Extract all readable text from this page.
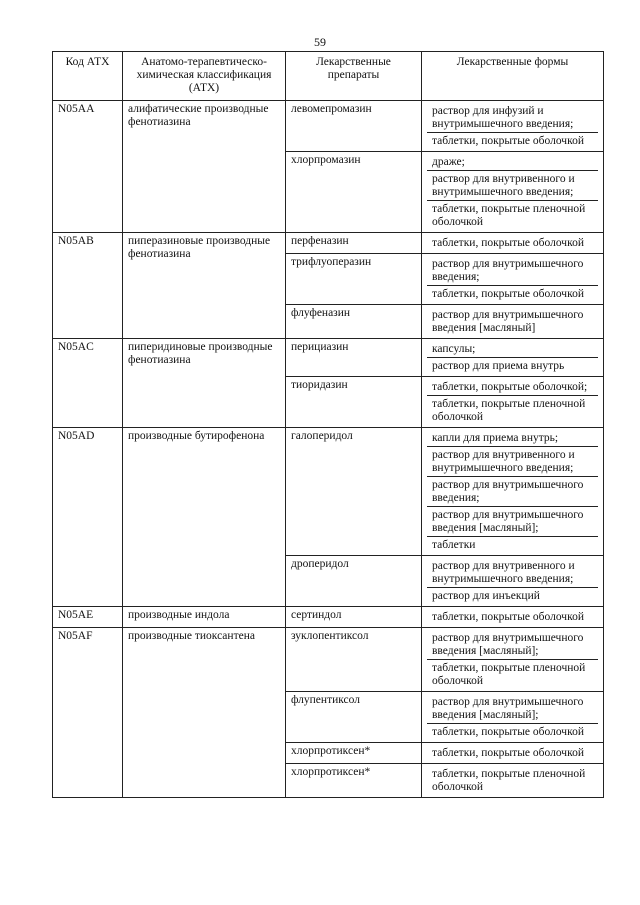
59
Код АТХ	Анатомо-терапевтическо-химическая классификация (АТХ)	Лекарственные препараты	Лекарственные формы
N05AA	алифатические производные фенотиазина	левомепромазин	раствор для инфузий и внутримышечного введения;
таблетки, покрытые оболочкой

		хлорпромазин	драже;
раствор для внутривенного и внутримышечного введения;
таблетки, покрытые пленочной оболочкой

N05AB	пиперазиновые производные фенотиазина	перфеназин	таблетки, покрытые оболочкой

		трифлуоперазин	раствор для внутримышечного введения;
таблетки, покрытые оболочкой

		флуфеназин	раствор для внутримышечного введения [масляный]

N05AC	пиперидиновые производные фенотиазина	перициазин	капсулы;
раствор для приема внутрь

		тиоридазин	таблетки, покрытые оболочкой;
таблетки, покрытые пленочной оболочкой

N05AD	производные бутирофенона	галоперидол	капли для приема внутрь;
раствор для внутривенного и внутримышечного введения;
раствор для внутримышечного введения;
раствор для внутримышечного введения [масляный];
таблетки

		дроперидол	раствор для внутривенного и внутримышечного введения;
раствор для инъекций

N05AE	производные индола	сертиндол	таблетки, покрытые оболочкой

N05AF	производные тиоксантена	зуклопентиксол	раствор для внутримышечного введения [масляный];
таблетки, покрытые пленочной оболочкой

		флупентиксол	раствор для внутримышечного введения [масляный];
таблетки, покрытые оболочкой

		хлорпротиксен*	таблетки, покрытые оболочкой

		хлорпротиксен*	таблетки, покрытые пленочной оболочкой
